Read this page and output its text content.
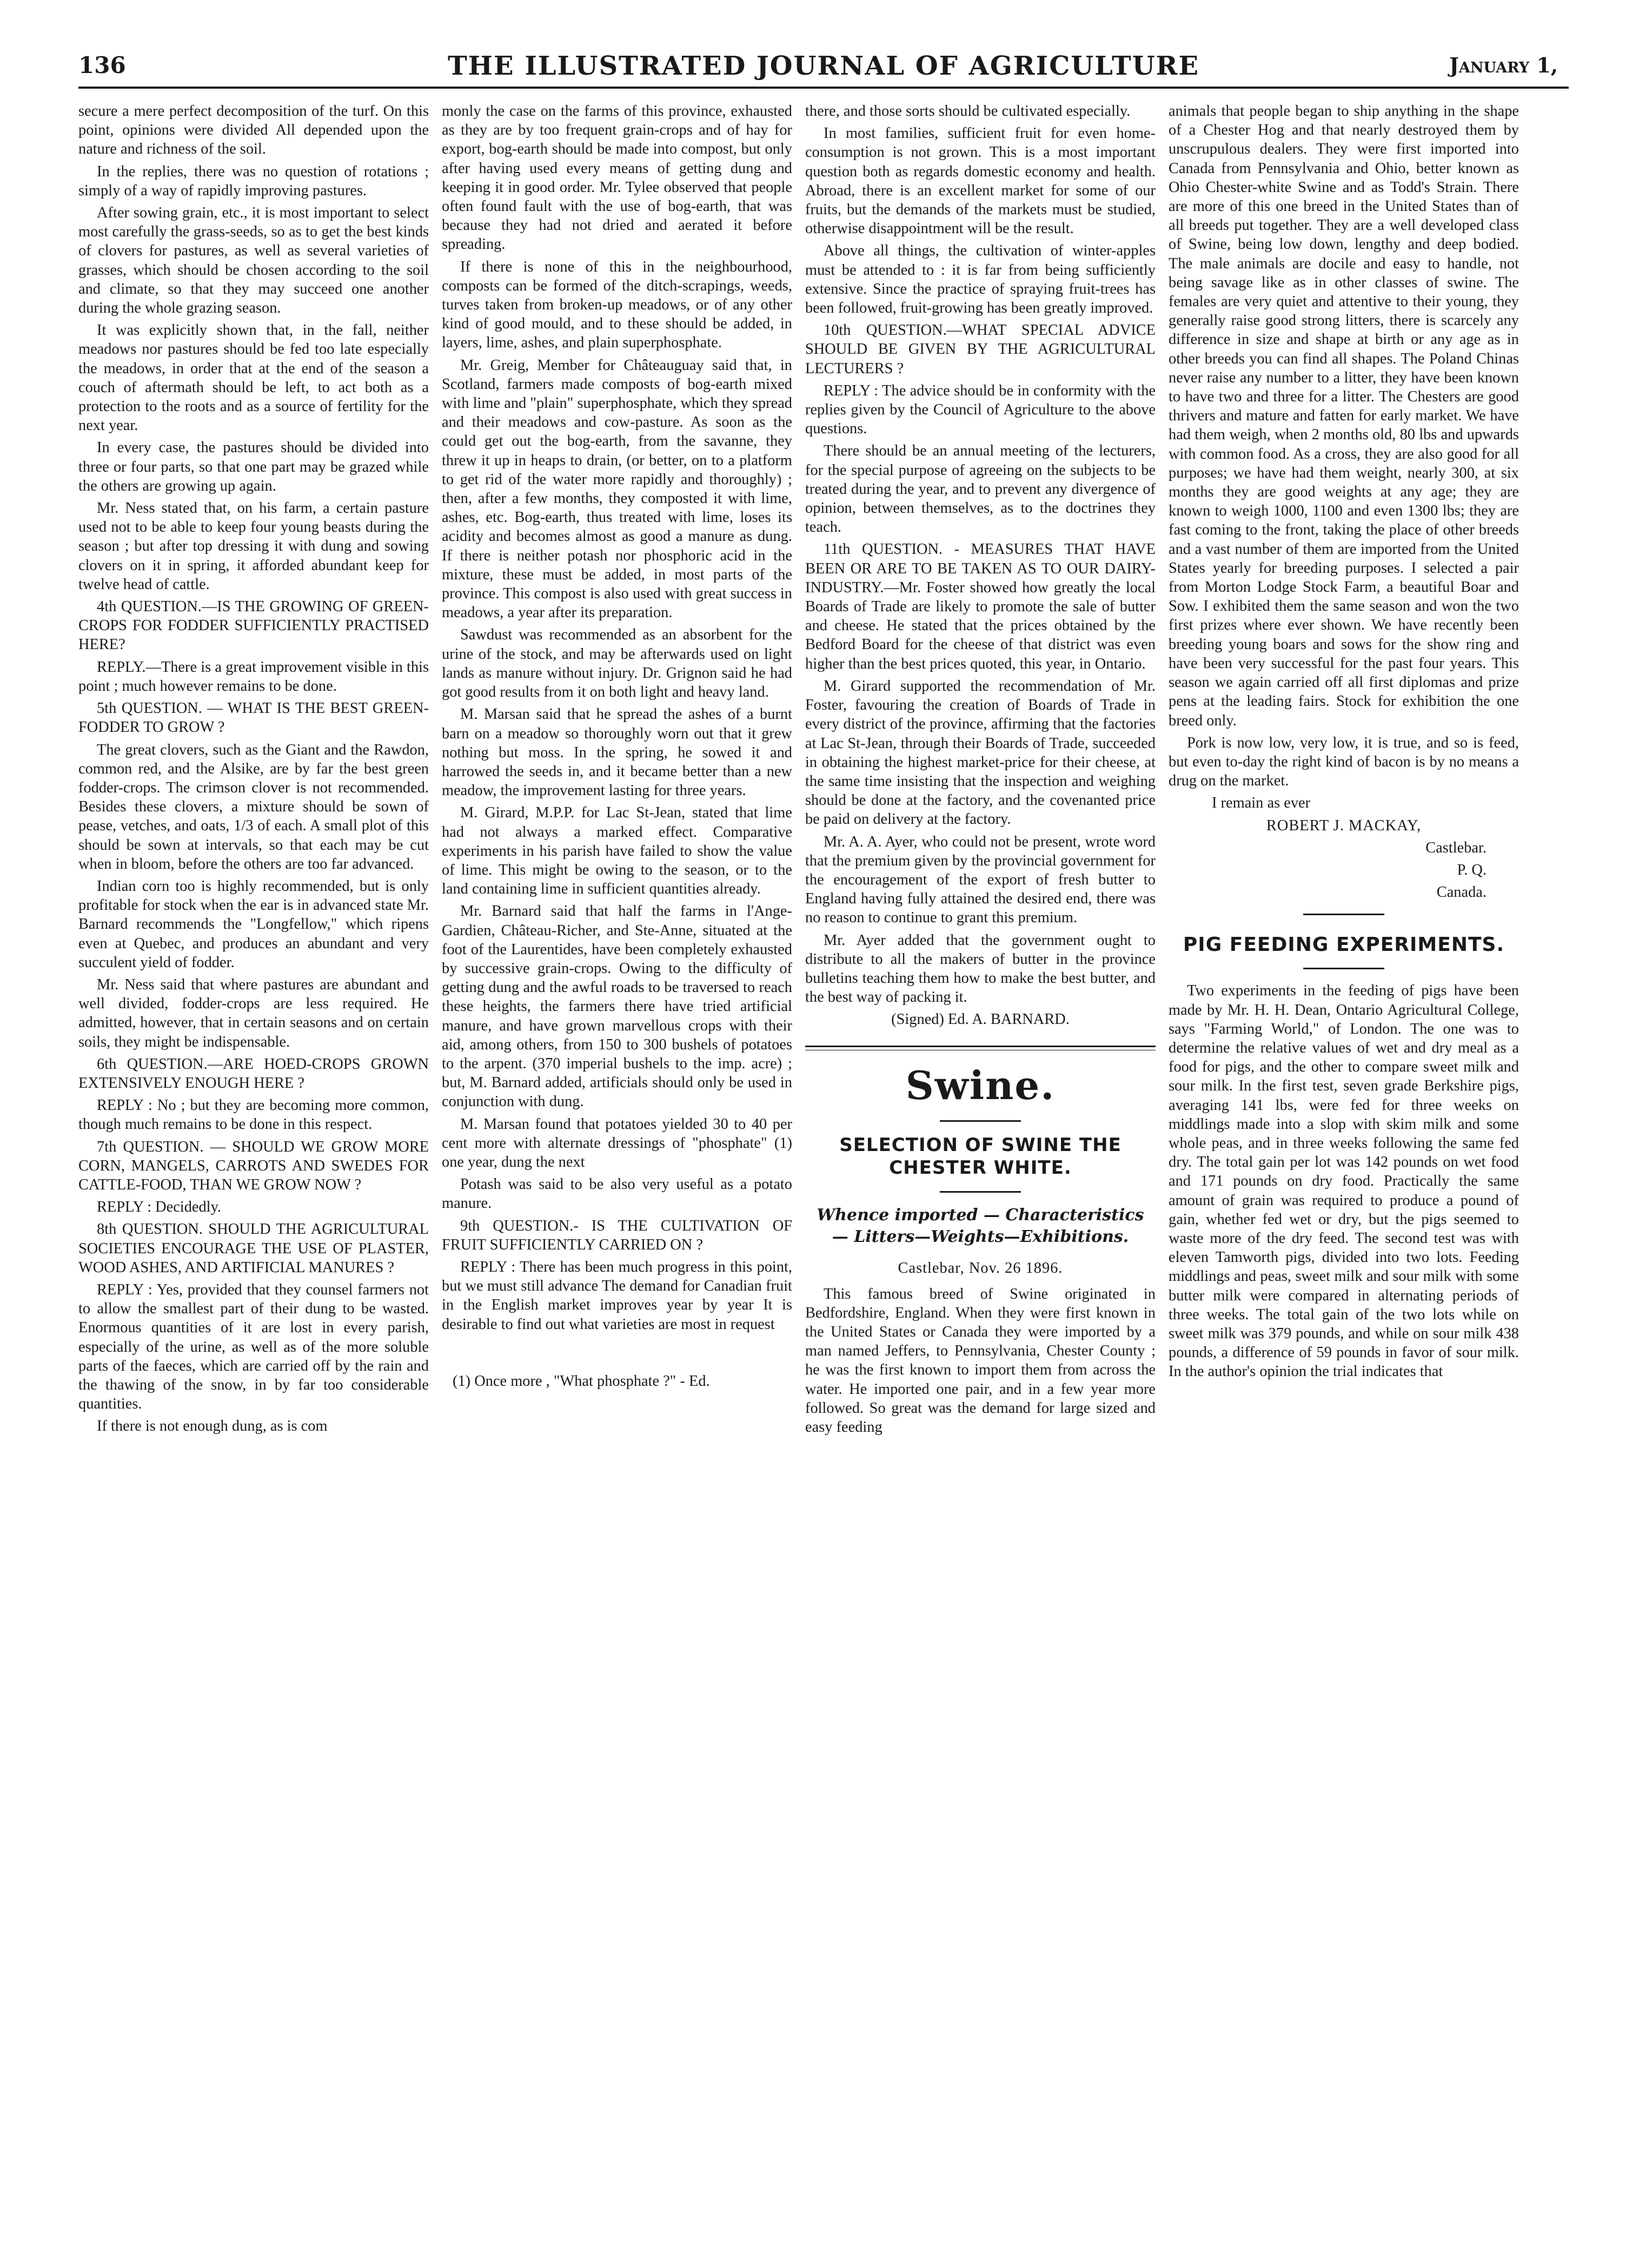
136	THE ILLUSTRATED JOURNAL OF AGRICULTURE	January 1,

secure a mere perfect decomposition of the turf. On this point, opinions were divided All depended upon the nature and richness of the soil.

In the replies, there was no question of rotations ; simply of a way of rapidly improving pastures.

After sowing grain, etc., it is most important to select most carefully the grass-seeds, so as to get the best kinds of clovers for pastures, as well as several varieties of grasses, which should be chosen according to the soil and climate, so that they may succeed one another during the whole grazing season.

It was explicitly shown that, in the fall, neither meadows nor pastures should be fed too late especially the meadows, in order that at the end of the season a couch of aftermath should be left, to act both as a protection to the roots and as a source of fertility for the next year.

In every case, the pastures should be divided into three or four parts, so that one part may be grazed while the others are growing up again.

Mr. Ness stated that, on his farm, a certain pasture used not to be able to keep four young beasts during the season ; but after top dressing it with dung and sowing clovers on it in spring, it afforded abundant keep for twelve head of cattle.

4th QUESTION.—IS THE GROWING OF GREEN-CROPS FOR FODDER SUFFICIENTLY PRACTISED HERE?

REPLY.—There is a great improvement visible in this point ; much however remains to be done.

5th QUESTION. — WHAT IS THE BEST GREEN-FODDER TO GROW ?

The great clovers, such as the Giant and the Rawdon, common red, and the Alsike, are by far the best green fodder-crops. The crimson clover is not recommended. Besides these clovers, a mixture should be sown of pease, vetches, and oats, 1/3 of each. A small plot of this should be sown at intervals, so that each may be cut when in bloom, before the others are too far advanced.

Indian corn too is highly recommended, but is only profitable for stock when the ear is in advanced state Mr. Barnard recommends the "Longfellow," which ripens even at Quebec, and produces an abundant and very succulent yield of fodder.

Mr. Ness said that where pastures are abundant and well divided, fodder-crops are less required. He admitted, however, that in certain seasons and on certain soils, they might be indispensable.

6th QUESTION.—ARE HOED-CROPS GROWN EXTENSIVELY ENOUGH HERE ?

REPLY : No ; but they are becoming more common, though much remains to be done in this respect.

7th QUESTION. — SHOULD WE GROW MORE CORN, MANGELS, CARROTS AND SWEDES FOR CATTLE-FOOD, THAN WE GROW NOW ?

REPLY : Decidedly.

8th QUESTION. SHOULD THE AGRICULTURAL SOCIETIES ENCOURAGE THE USE OF PLASTER, WOOD ASHES, AND ARTIFICIAL MANURES ?

REPLY : Yes, provided that they counsel farmers not to allow the smallest part of their dung to be wasted. Enormous quantities of it are lost in every parish, especially of the urine, as well as of the more soluble parts of the faeces, which are carried off by the rain and the thawing of the snow, in by far too considerable quantities.

If there is not enough dung, as is com

monly the case on the farms of this province, exhausted as they are by too frequent grain-crops and of hay for export, bog-earth should be made into compost, but only after having used every means of getting dung and keeping it in good order. Mr. Tylee observed that people often found fault with the use of bog-earth, that was because they had not dried and aerated it before spreading.

If there is none of this in the neighbourhood, composts can be formed of the ditch-scrapings, weeds, turves taken from broken-up meadows, or of any other kind of good mould, and to these should be added, in layers, lime, ashes, and plain superphosphate.

Mr. Greig, Member for Châteauguay said that, in Scotland, farmers made composts of bog-earth mixed with lime and "plain" superphosphate, which they spread and their meadows and cow-pasture. As soon as the could get out the bog-earth, from the savanne, they threw it up in heaps to drain, (or better, on to a platform to get rid of the water more rapidly and thoroughly) ; then, after a few months, they composted it with lime, ashes, etc. Bog-earth, thus treated with lime, loses its acidity and becomes almost as good a manure as dung. If there is neither potash nor phosphoric acid in the mixture, these must be added, in most parts of the province. This compost is also used with great success in meadows, a year after its preparation.

Sawdust was recommended as an absorbent for the urine of the stock, and may be afterwards used on light lands as manure without injury. Dr. Grignon said he had got good results from it on both light and heavy land.

M. Marsan said that he spread the ashes of a burnt barn on a meadow so thoroughly worn out that it grew nothing but moss. In the spring, he sowed it and harrowed the seeds in, and it became better than a new meadow, the improvement lasting for three years.

M. Girard, M.P.P. for Lac St-Jean, stated that lime had not always a marked effect. Comparative experiments in his parish have failed to show the value of lime. This might be owing to the season, or to the land containing lime in sufficient quantities already.

Mr. Barnard said that half the farms in l'Ange-Gardien, Château-Richer, and Ste-Anne, situated at the foot of the Laurentides, have been completely exhausted by successive grain-crops. Owing to the difficulty of getting dung and the awful roads to be traversed to reach these heights, the farmers there have tried artificial manure, and have grown marvellous crops with their aid, among others, from 150 to 300 bushels of potatoes to the arpent. (370 imperial bushels to the imp. acre) ; but, M. Barnard added, artificials should only be used in conjunction with dung.

M. Marsan found that potatoes yielded 30 to 40 per cent more with alternate dressings of "phosphate" (1) one year, dung the next

Potash was said to be also very useful as a potato manure.

9th QUESTION.- IS THE CULTIVATION OF FRUIT SUFFICIENTLY CARRIED ON ?

REPLY : There has been much progress in this point, but we must still advance The demand for Canadian fruit in the English market improves year by year It is desirable to find out what varieties are most in request

(1) Once more , "What phosphate ?" - Ed.

there, and those sorts should be cultivated especially.

In most families, sufficient fruit for even home-consumption is not grown. This is a most important question both as regards domestic economy and health. Abroad, there is an excellent market for some of our fruits, but the demands of the markets must be studied, otherwise disappointment will be the result.

Above all things, the cultivation of winter-apples must be attended to : it is far from being sufficiently extensive. Since the practice of spraying fruit-trees has been followed, fruit-growing has been greatly improved.

10th QUESTION.—WHAT SPECIAL ADVICE SHOULD BE GIVEN BY THE AGRICULTURAL LECTURERS ?

REPLY : The advice should be in conformity with the replies given by the Council of Agriculture to the above questions.

There should be an annual meeting of the lecturers, for the special purpose of agreeing on the subjects to be treated during the year, and to prevent any divergence of opinion, between themselves, as to the doctrines they teach.

11th QUESTION. - MEASURES THAT HAVE BEEN OR ARE TO BE TAKEN AS TO OUR DAIRY-INDUSTRY.—Mr. Foster showed how greatly the local Boards of Trade are likely to promote the sale of butter and cheese. He stated that the prices obtained by the Bedford Board for the cheese of that district was even higher than the best prices quoted, this year, in Ontario.

M. Girard supported the recommendation of Mr. Foster, favouring the creation of Boards of Trade in every district of the province, affirming that the factories at Lac St-Jean, through their Boards of Trade, succeeded in obtaining the highest market-price for their cheese, at the same time insisting that the inspection and weighing should be done at the factory, and the covenanted price be paid on delivery at the factory.

Mr. A. A. Ayer, who could not be present, wrote word that the premium given by the provincial government for the encouragement of the export of fresh butter to England having fully attained the desired end, there was no reason to continue to grant this premium.

Mr. Ayer added that the government ought to distribute to all the makers of butter in the province bulletins teaching them how to make the best butter, and the best way of packing it.

(Signed) Ed. A. BARNARD.

Swine.
SELECTION OF SWINE THE CHESTER WHITE.
Whence imported — Characteristics — Litters—Weights—Exhibitions.
Castlebar, Nov. 26 1896.

This famous breed of Swine originated in Bedfordshire, England. When they were first known in the United States or Canada they were imported by a man named Jeffers, to Pennsylvania, Chester County ; he was the first known to import them from across the water. He imported one pair, and in a few year more followed. So great was the demand for large sized and easy feeding

animals that people began to ship anything in the shape of a Chester Hog and that nearly destroyed them by unscrupulous dealers. They were first imported into Canada from Pennsylvania and Ohio, better known as Ohio Chester-white Swine and as Todd's Strain. There are more of this one breed in the United States than of all breeds put together. They are a well developed class of Swine, being low down, lengthy and deep bodied. The male animals are docile and easy to handle, not being savage like as in other classes of swine. The females are very quiet and attentive to their young, they generally raise good strong litters, there is scarcely any difference in size and shape at birth or any age as in other breeds you can find all shapes. The Poland Chinas never raise any number to a litter, they have been known to have two and three for a litter. The Chesters are good thrivers and mature and fatten for early market. We have had them weigh, when 2 months old, 80 lbs and upwards with common food. As a cross, they are also good for all purposes; we have had them weight, nearly 300, at six months they are good weights at any age; they are known to weigh 1000, 1100 and even 1300 lbs; they are fast coming to the front, taking the place of other breeds and a vast number of them are imported from the United States yearly for breeding purposes. I selected a pair from Morton Lodge Stock Farm, a beautiful Boar and Sow. I exhibited them the same season and won the two first prizes where ever shown. We have recently been breeding young boars and sows for the show ring and have been very successful for the past four years. This season we again carried off all first diplomas and prize pens at the leading fairs. Stock for exhibition the one breed only.

Pork is now low, very low, it is true, and so is feed, but even to-day the right kind of bacon is by no means a drug on the market.

I remain as ever

ROBERT J. MACKAY,

Castlebar.

P. Q.

Canada.

PIG FEEDING EXPERIMENTS.

Two experiments in the feeding of pigs have been made by Mr. H. H. Dean, Ontario Agricultural College, says "Farming World," of London. The one was to determine the relative values of wet and dry meal as a food for pigs, and the other to compare sweet milk and sour milk. In the first test, seven grade Berkshire pigs, averaging 141 lbs, were fed for three weeks on middlings made into a slop with skim milk and some whole peas, and in three weeks following the same fed dry. The total gain per lot was 142 pounds on wet food and 171 pounds on dry food. Practically the same amount of grain was required to produce a pound of gain, whether fed wet or dry, but the pigs seemed to waste more of the dry feed. The second test was with eleven Tamworth pigs, divided into two lots. Feeding middlings and peas, sweet milk and sour milk with some butter milk were compared in alternating periods of three weeks. The total gain of the two lots while on sweet milk was 379 pounds, and while on sour milk 438 pounds, a difference of 59 pounds in favor of sour milk. In the author's opinion the trial indicates that
